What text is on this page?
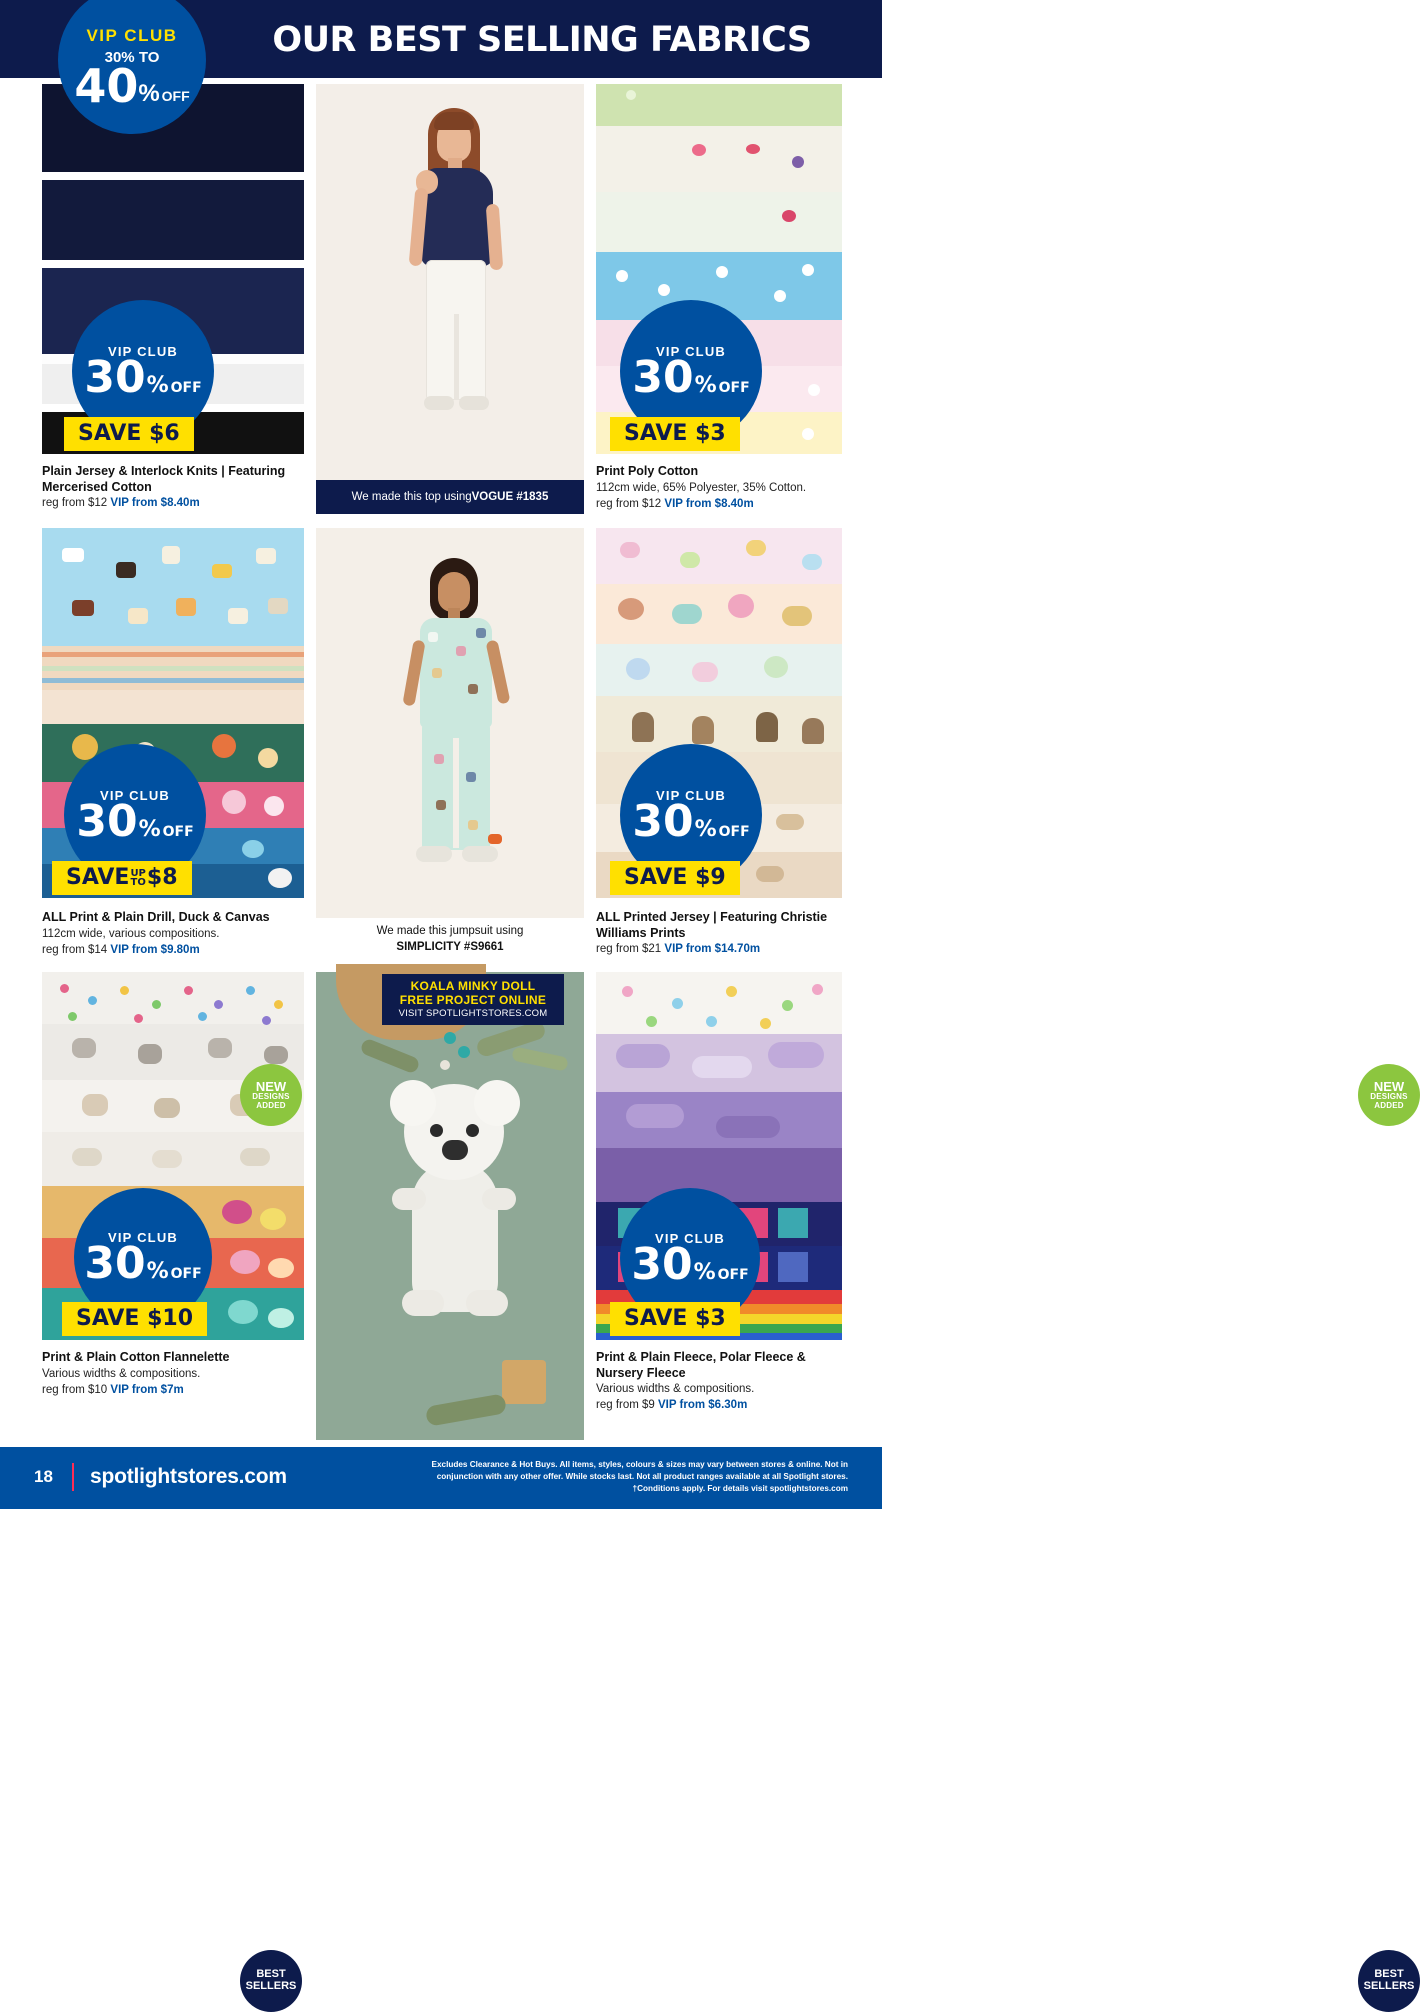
OUR BEST SELLING FABRICS
VIP CLUB
30% TO
40 % OFF
VIP CLUB
30 % OFF
SAVE $6
Plain Jersey & Interlock Knits | Featuring Mercerised Cotton
reg from $12 VIP from $8.40m
We made this top using VOGUE #1835
VIP CLUB
30 % OFF
SAVE $3
Print Poly Cotton
112cm wide, 65% Polyester, 35% Cotton.
reg from $12 VIP from $8.40m
NEW
DESIGNS
ADDED
VIP CLUB
30 % OFF
SAVEUP
TO$8
ALL Print & Plain Drill, Duck & Canvas
112cm wide, various compositions.
reg from $14 VIP from $9.80m
We made this jumpsuit using
SIMPLICITY #S9661
NEW
DESIGNS
ADDED
VIP CLUB
30 % OFF
SAVE $9
ALL Printed Jersey | Featuring Christie Williams Prints
reg from $21 VIP from $14.70m
BEST
SELLERS
VIP CLUB
30 % OFF
SAVE $10
Print & Plain Cotton Flannelette
Various widths & compositions.
reg from $10 VIP from $7m
KOALA MINKY DOLL
FREE PROJECT ONLINE
VISIT SPOTLIGHTSTORES.COM
BEST
SELLERS
VIP CLUB
30 % OFF
SAVE $3
Print & Plain Fleece, Polar Fleece & Nursery Fleece
Various widths & compositions.
reg from $9 VIP from $6.30m
18 spotlightstores.com
Excludes Clearance & Hot Buys. All items, styles, colours & sizes may vary between stores & online. Not in conjunction with any other offer. While stocks last. Not all product ranges available at all Spotlight stores. †Conditions apply. For details visit spotlightstores.com
